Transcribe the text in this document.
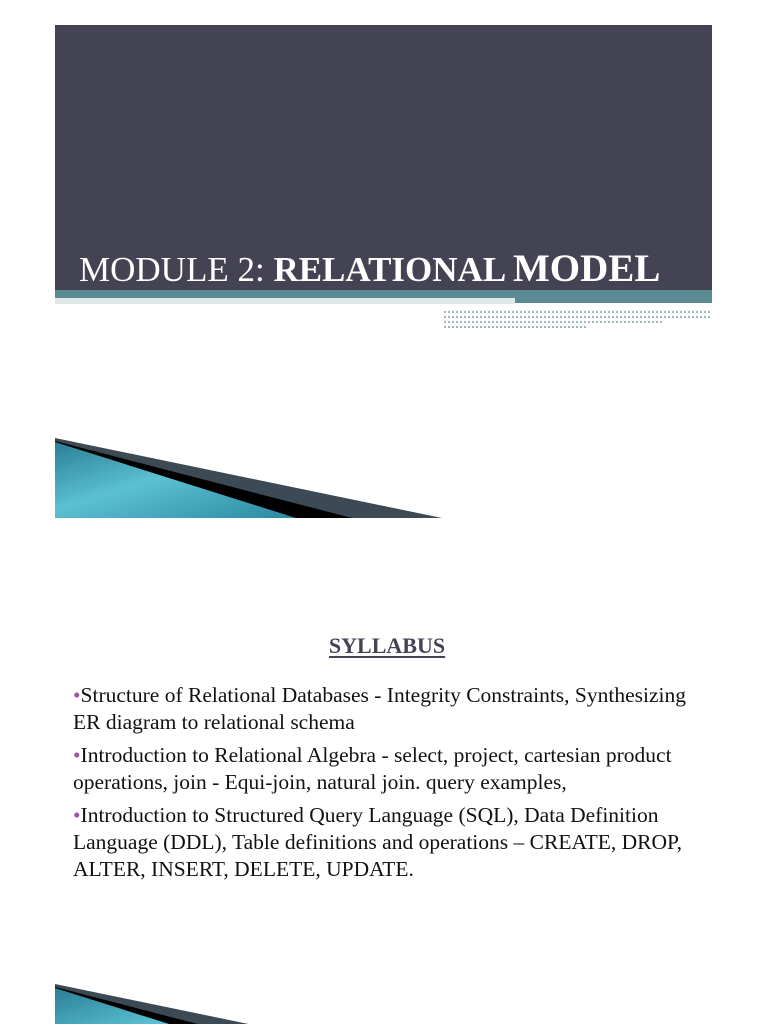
MODULE 2: RELATIONAL MODEL
SYLLABUS
•Structure of Relational Databases - Integrity Constraints, Synthesizing ER diagram to relational schema
•Introduction to Relational Algebra - select, project, cartesian product operations, join - Equi-join, natural join. query examples,
•Introduction to Structured Query Language (SQL), Data Definition Language (DDL), Table definitions and operations – CREATE, DROP, ALTER, INSERT, DELETE, UPDATE.
